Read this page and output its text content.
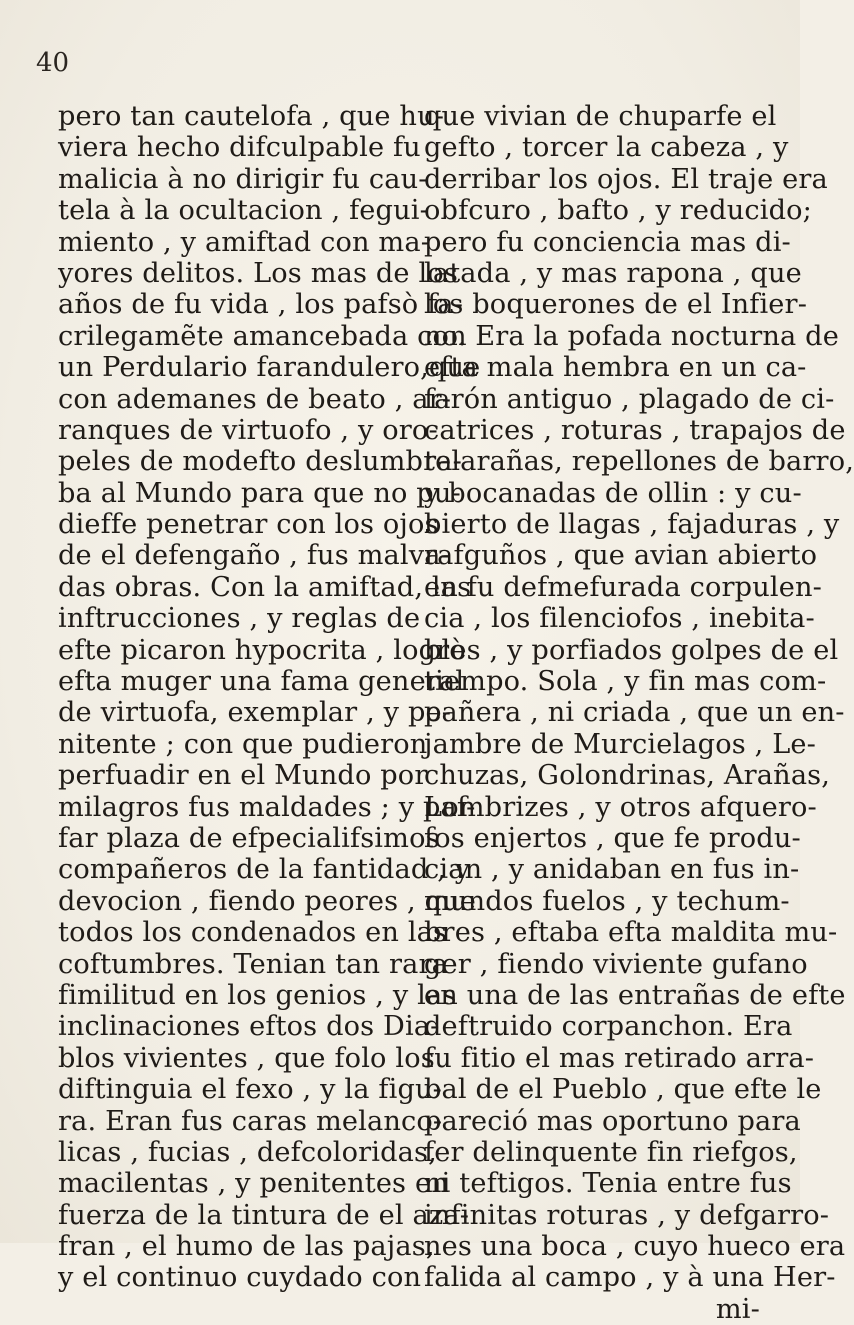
40
pero tan cautelofa , que hu-
viera hecho difculpable fu
malicia à no dirigir fu cau-
tela à la ocultacion , fegui-
miento , y amiftad con ma-
yores delitos. Los mas de los
años de fu vida , los pafsò fa-
crilegamẽte amancebada con
un Perdulario farandulero,que
con ademanes de beato , ar-
ranques de virtuofo , y oro-
peles de modefto deslumbra-
ba al Mundo para que no pu-
dieffe penetrar con los ojos
de el defengaño , fus malva-
das obras. Con la amiftad, las
inftrucciones , y reglas de
efte picaron hypocrita , logrò
efta muger una fama general
de virtuofa, exemplar , y pe-
nitente ; con que pudieron
perfuadir en el Mundo por
milagros fus maldades ; y paf-
far plaza de efpecialifsimos
compañeros de la fantidad , y
devocion , fiendo peores , que
todos los condenados en las
coftumbres. Tenian tan rara
fimilitud en los genios , y las
inclinaciones eftos dos Dia-
blos vivientes , que folo los
diftinguia el fexo , y la figu-
ra. Eran fus caras melanco-
licas , fucias , defcoloridas,
macilentas , y penitentes en
fuerza de la tintura de el aza-
fran , el humo de las pajas,
y el continuo cuydado con
que vivian de chuparfe el
gefto , torcer la cabeza , y
derribar los ojos. El traje era
obfcuro , bafto , y reducido;
pero fu conciencia mas di-
latada , y mas rapona , que
los boquerones de el Infier-
no. Era la pofada nocturna de
efta mala hembra en un ca-
farón antiguo , plagado de ci-
catrices , roturas , trapajos de
telarañas, repellones de barro,
y bocanadas de ollin : y cu-
bierto de llagas , fajaduras , y
rafguños , que avian abierto
en fu defmefurada corpulen-
cia , los filenciofos , inebita-
bles , y porfiados golpes de el
tiempo. Sola , y fin mas com-
pañera , ni criada , que un en-
jambre de Murcielagos , Le-
chuzas, Golondrinas, Arañas,
Lombrizes , y otros afquero-
fos enjertos , que fe produ-
cian , y anidaban en fus in-
mundos fuelos , y techum-
bres , eftaba efta maldita mu-
ger , fiendo viviente gufano
en una de las entrañas de efte
deftruido corpanchon. Era
fu fitio el mas retirado arra-
bal de el Pueblo , que efte le
pareció mas oportuno para
fer delinquente fin riefgos,
ni teftigos. Tenia entre fus
infinitas roturas , y defgarro-
nes una boca , cuyo hueco era
falida al campo , y à una Her-
mi-
